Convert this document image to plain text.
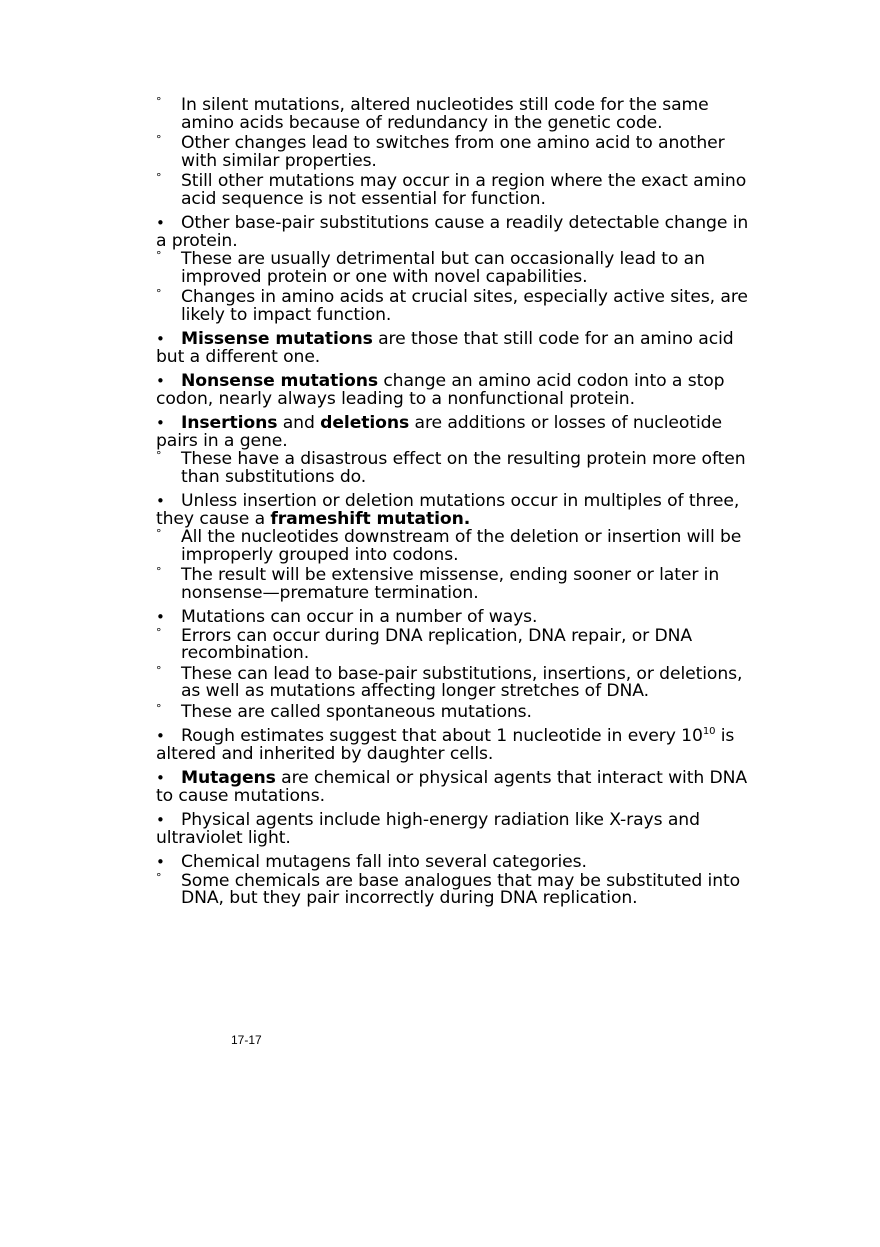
°	In silent mutations, altered nucleotides still code for the same amino acids because of redundancy in the genetic code.
°	Other changes lead to switches from one amino acid to another with similar properties.
°	Still other mutations may occur in a region where the exact amino acid sequence is not essential for function.
• Other base-pair substitutions cause a readily detectable change in a protein.
°	These are usually detrimental but can occasionally lead to an improved protein or one with novel capabilities.
°	Changes in amino acids at crucial sites, especially active sites, are likely to impact function.
• Missense mutations are those that still code for an amino acid but a different one.
• Nonsense mutations change an amino acid codon into a stop codon, nearly always leading to a nonfunctional protein.
• Insertions and deletions are additions or losses of nucleotide pairs in a gene.
°	These have a disastrous effect on the resulting protein more often than substitutions do.
• Unless insertion or deletion mutations occur in multiples of three, they cause a frameshift mutation.
°	All the nucleotides downstream of the deletion or insertion will be improperly grouped into codons.
°	The result will be extensive missense, ending sooner or later in nonsense—premature termination.
• Mutations can occur in a number of ways.
°	Errors can occur during DNA replication, DNA repair, or DNA recombination.
°	These can lead to base-pair substitutions, insertions, or deletions, as well as mutations affecting longer stretches of DNA.
°	These are called spontaneous mutations.
• Rough estimates suggest that about 1 nucleotide in every $10^{10}$ is altered and inherited by daughter cells.
• Mutagens are chemical or physical agents that interact with DNA to cause mutations.
• Physical agents include high-energy radiation like X-rays and ultraviolet light.
• Chemical mutagens fall into several categories.
°	Some chemicals are base analogues that may be substituted into DNA, but they pair incorrectly during DNA replication.
17-17
